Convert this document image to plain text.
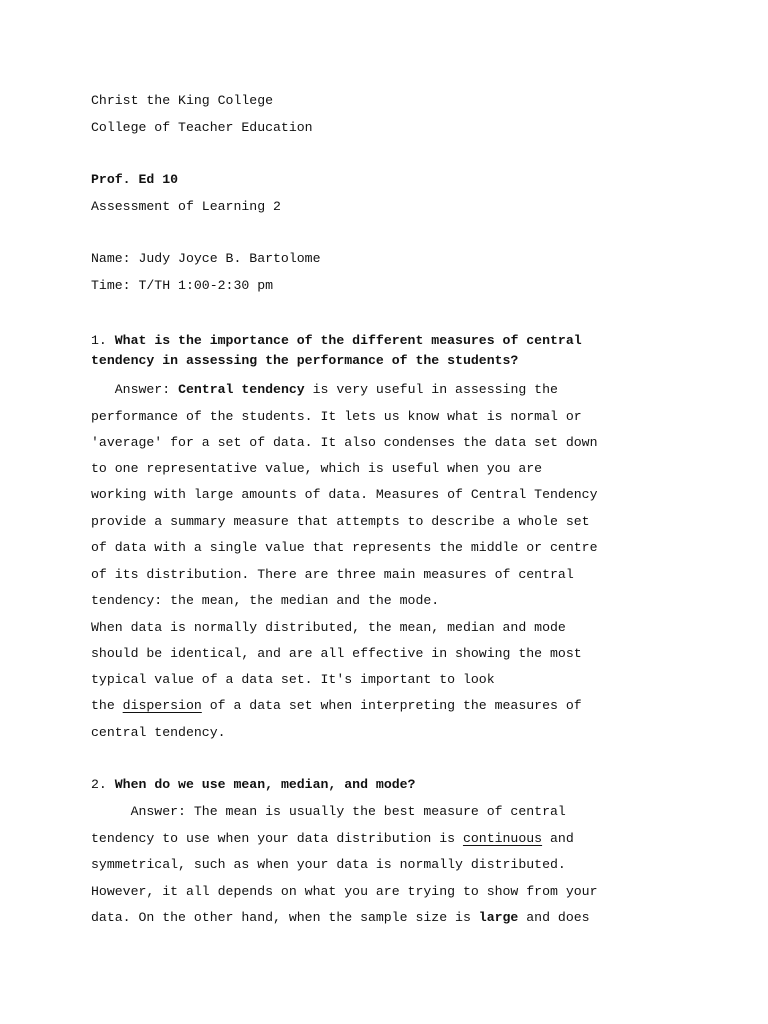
Christ the King College
College of Teacher Education
Prof. Ed 10
Assessment of Learning 2
Name: Judy Joyce B. Bartolome
Time: T/TH 1:00-2:30 pm
1. What is the importance of the different measures of central
tendency in assessing the performance of the students?
Answer: Central tendency is very useful in assessing the
performance of the students. It lets us know what is normal or
'average' for a set of data. It also condenses the data set down
to one representative value, which is useful when you are
working with large amounts of data. Measures of Central Tendency
provide a summary measure that attempts to describe a whole set
of data with a single value that represents the middle or centre
of its distribution. There are three main measures of central
tendency: the mean, the median and the mode.
When data is normally distributed, the mean, median and mode
should be identical, and are all effective in showing the most
typical value of a data set. It's important to look
the dispersion of a data set when interpreting the measures of
central tendency.
2. When do we use mean, median, and mode?
Answer: The mean is usually the best measure of central
tendency to use when your data distribution is continuous and
symmetrical, such as when your data is normally distributed.
However, it all depends on what you are trying to show from your
data. On the other hand, when the sample size is large and does
